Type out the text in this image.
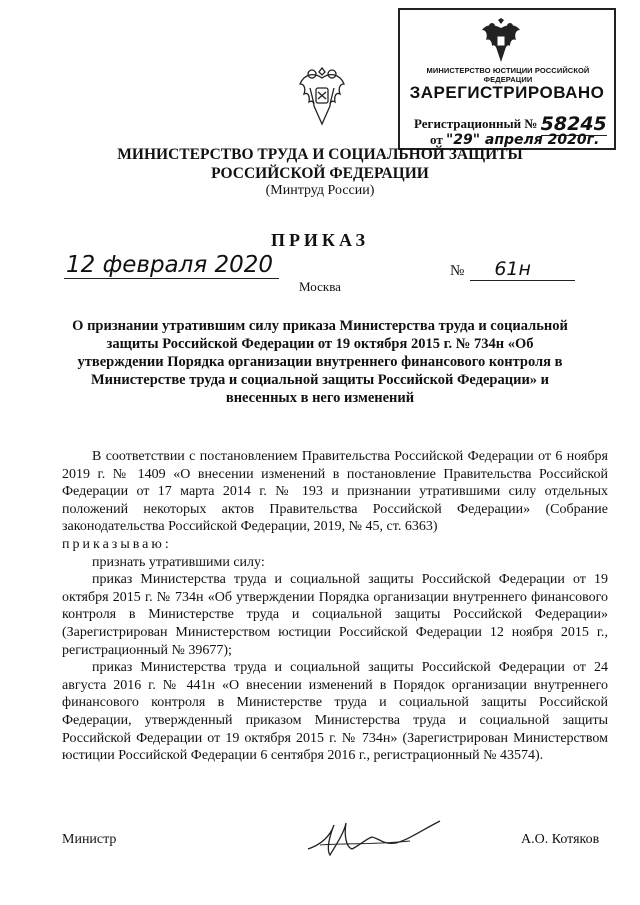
МИНИСТЕРСТВО ЮСТИЦИИ РОССИЙСКОЙ ФЕДЕРАЦИИ
ЗАРЕГИСТРИРОВАНО
Регистрационный № 58245
от "29" апреля 2020г.
МИНИСТЕРСТВО ТРУДА И СОЦИАЛЬНОЙ ЗАЩИТЫ
РОССИЙСКОЙ ФЕДЕРАЦИИ
(Минтруд России)
ПРИКАЗ
12 февраля 2020
Москва
№ 61н
О признании утратившим силу приказа Министерства труда и социальной защиты Российской Федерации от 19 октября 2015 г. № 734н «Об утверждении Порядка организации внутреннего финансового контроля в Министерстве труда и социальной защиты Российской Федерации» и внесенных в него изменений

В соответствии с постановлением Правительства Российской Федерации от 6 ноября 2019 г. № 1409 «О внесении изменений в постановление Правительства Российской Федерации от 17 марта 2014 г. № 193 и признании утратившими силу отдельных положений некоторых актов Правительства Российской Федерации» (Собрание законодательства Российской Федерации, 2019, № 45, ст. 6363)

приказываю:

признать утратившими силу:

приказ Министерства труда и социальной защиты Российской Федерации от 19 октября 2015 г. № 734н «Об утверждении Порядка организации внутреннего финансового контроля в Министерстве труда и социальной защиты Российской Федерации» (Зарегистрирован Министерством юстиции Российской Федерации 12 ноября 2015 г., регистрационный № 39677);

приказ Министерства труда и социальной защиты Российской Федерации от 24 августа 2016 г. № 441н «О внесении изменений в Порядок организации внутреннего финансового контроля в Министерстве труда и социальной защиты Российской Федерации, утвержденный приказом Министерства труда и социальной защиты Российской Федерации от 19 октября 2015 г. № 734н» (Зарегистрирован Министерством юстиции Российской Федерации 6 сентября 2016 г., регистрационный № 43574).

Министр	А.О. Котяков
